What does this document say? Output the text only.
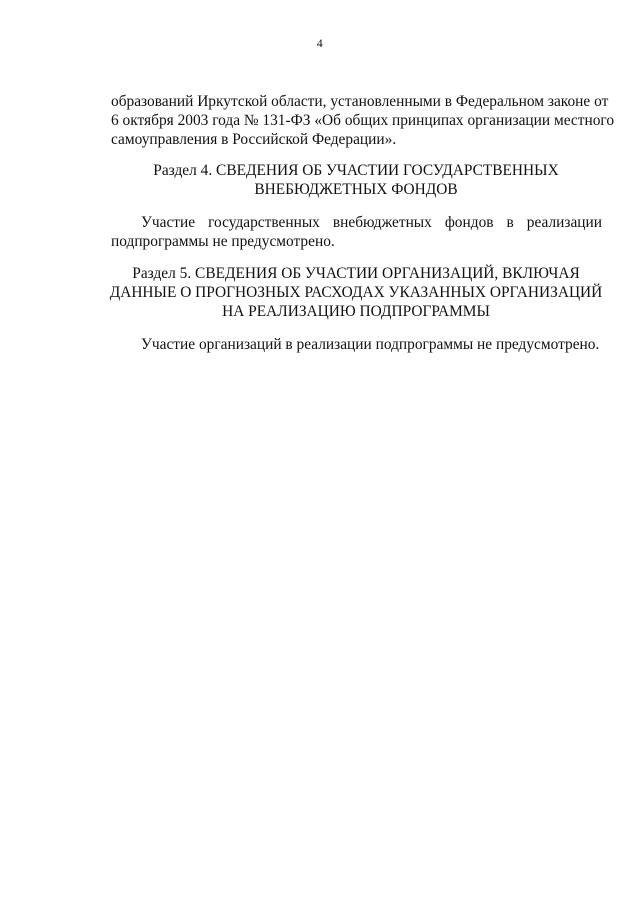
4
образований Иркутской области, установленными в Федеральном законе от
6 октября 2003 года № 131-ФЗ «Об общих принципах организации местного
самоуправления в Российской Федерации».
Раздел 4. СВЕДЕНИЯ ОБ УЧАСТИИ ГОСУДАРСТВЕННЫХ
ВНЕБЮДЖЕТНЫХ ФОНДОВ
Участие государственных внебюджетных фондов в реализации
подпрограммы не предусмотрено.
Раздел 5. СВЕДЕНИЯ ОБ УЧАСТИИ ОРГАНИЗАЦИЙ, ВКЛЮЧАЯ
ДАННЫЕ О ПРОГНОЗНЫХ РАСХОДАХ УКАЗАННЫХ ОРГАНИЗАЦИЙ
НА РЕАЛИЗАЦИЮ ПОДПРОГРАММЫ
Участие организаций в реализации подпрограммы не предусмотрено.
